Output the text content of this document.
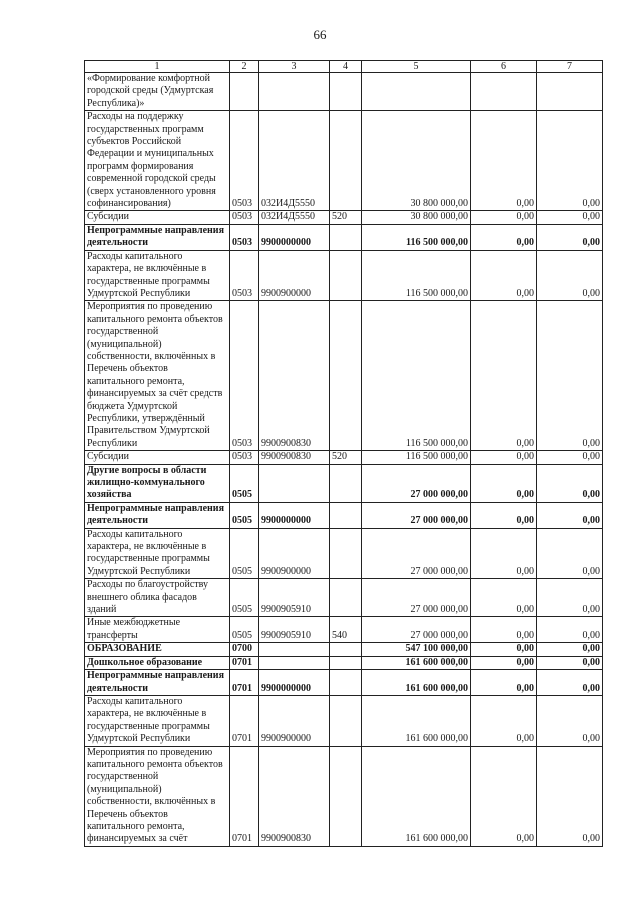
66
1	2	3	4	5	6	7
«Формирование комфортной городской среды (Удмуртская Республика)»						
Расходы на поддержку государственных программ субъектов Российской Федерации и муниципальных программ формирования современной городской среды (сверх установленного уровня софинансирования)	0503	032И4Д5550		30 800 000,00	0,00	0,00
Субсидии	0503	032И4Д5550	520	30 800 000,00	0,00	0,00
Непрограммные направления деятельности	0503	9900000000		116 500 000,00	0,00	0,00
Расходы капитального характера, не включённые в государственные программы Удмуртской Республики	0503	9900900000		116 500 000,00	0,00	0,00
Мероприятия по проведению капитального ремонта объектов государственной (муниципальной) собственности, включённых в Перечень объектов капитального ремонта, финансируемых за счёт средств бюджета Удмуртской Республики, утверждённый Правительством Удмуртской Республики	0503	9900900830		116 500 000,00	0,00	0,00
Субсидии	0503	9900900830	520	116 500 000,00	0,00	0,00
Другие вопросы в области жилищно-коммунального хозяйства	0505			27 000 000,00	0,00	0,00
Непрограммные направления деятельности	0505	9900000000		27 000 000,00	0,00	0,00
Расходы капитального характера, не включённые в государственные программы Удмуртской Республики	0505	9900900000		27 000 000,00	0,00	0,00
Расходы по благоустройству внешнего облика фасадов зданий	0505	9900905910		27 000 000,00	0,00	0,00
Иные межбюджетные трансферты	0505	9900905910	540	27 000 000,00	0,00	0,00
ОБРАЗОВАНИЕ	0700			547 100 000,00	0,00	0,00
Дошкольное образование	0701			161 600 000,00	0,00	0,00
Непрограммные направления деятельности	0701	9900000000		161 600 000,00	0,00	0,00
Расходы капитального характера, не включённые в государственные программы Удмуртской Республики	0701	9900900000		161 600 000,00	0,00	0,00
Мероприятия по проведению капитального ремонта объектов государственной (муниципальной) собственности, включённых в Перечень объектов капитального ремонта, финансируемых за счёт	0701	9900900830		161 600 000,00	0,00	0,00
